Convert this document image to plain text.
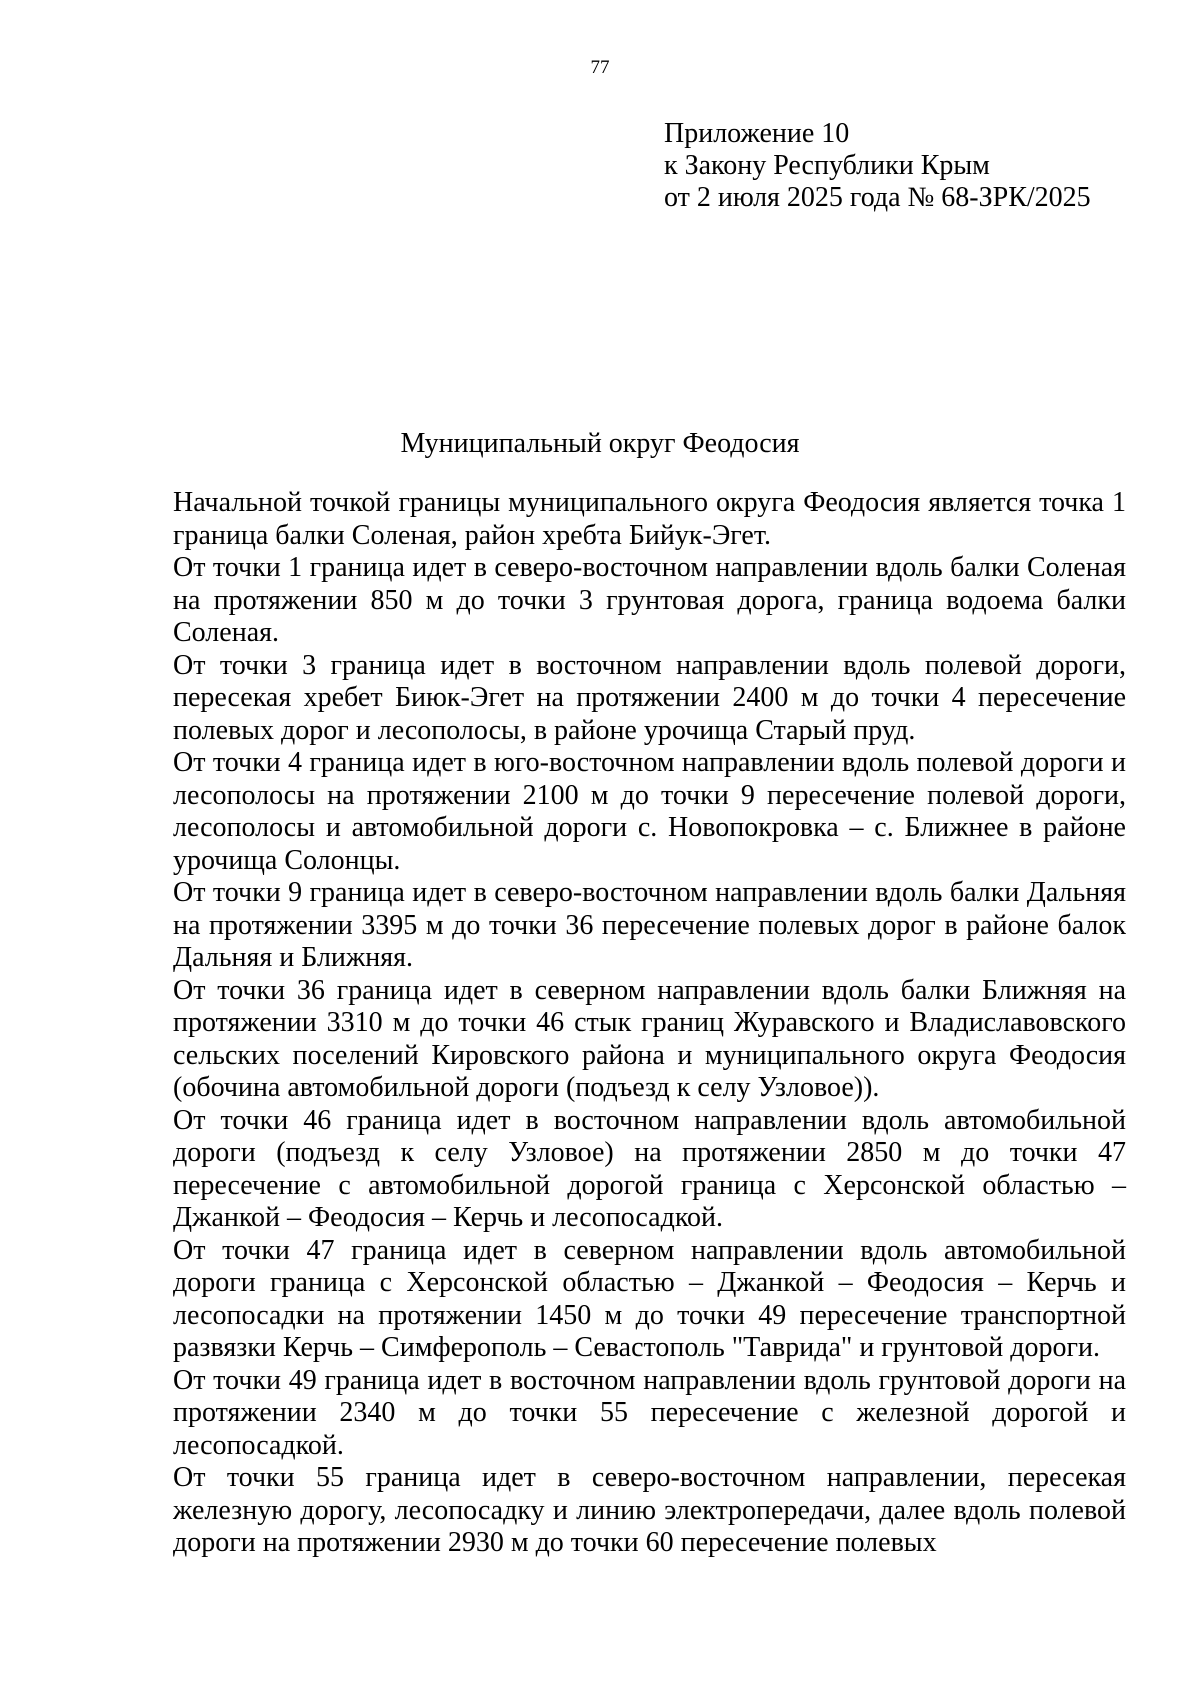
77
Приложение 10
к Закону Республики Крым
от 2 июля 2025 года № 68-ЗРК/2025
Муниципальный округ Феодосия

Начальной точкой границы муниципального округа Феодосия является точка 1 граница балки Соленая, район хребта Бийук-Эгет.

От точки 1 граница идет в северо-восточном направлении вдоль балки Соленая на протяжении 850 м до точки 3 грунтовая дорога, граница водоема балки Соленая.

От точки 3 граница идет в восточном направлении вдоль полевой дороги, пересекая хребет Биюк-Эгет на протяжении 2400 м до точки 4 пересечение полевых дорог и лесополосы, в районе урочища Старый пруд.

От точки 4 граница идет в юго-восточном направлении вдоль полевой дороги и лесополосы на протяжении 2100 м до точки 9 пересечение полевой дороги, лесополосы и автомобильной дороги с. Новопокровка – с. Ближнее в районе урочища Солонцы.

От точки 9 граница идет в северо-восточном направлении вдоль балки Дальняя на протяжении 3395 м до точки 36 пересечение полевых дорог в районе балок Дальняя и Ближняя.

От точки 36 граница идет в северном направлении вдоль балки Ближняя на протяжении 3310 м до точки 46 стык границ Журавского и Владиславовского сельских поселений Кировского района и муниципального округа Феодосия (обочина автомобильной дороги (подъезд к селу Узловое)).

От точки 46 граница идет в восточном направлении вдоль автомобильной дороги (подъезд к селу Узловое) на протяжении 2850 м до точки 47 пересечение с автомобильной дорогой граница с Херсонской областью – Джанкой – Феодосия – Керчь и лесопосадкой.

От точки 47 граница идет в северном направлении вдоль автомобильной дороги граница с Херсонской областью – Джанкой – Феодосия – Керчь и лесопосадки на протяжении 1450 м до точки 49 пересечение транспортной развязки Керчь – Симферополь – Севастополь "Таврида" и грунтовой дороги.

От точки 49 граница идет в восточном направлении вдоль грунтовой дороги на протяжении 2340 м до точки 55 пересечение с железной дорогой и лесопосадкой.

От точки 55 граница идет в северо-восточном направлении, пересекая железную дорогу, лесопосадку и линию электропередачи, далее вдоль полевой дороги на протяжении 2930 м до точки 60 пересечение полевых
